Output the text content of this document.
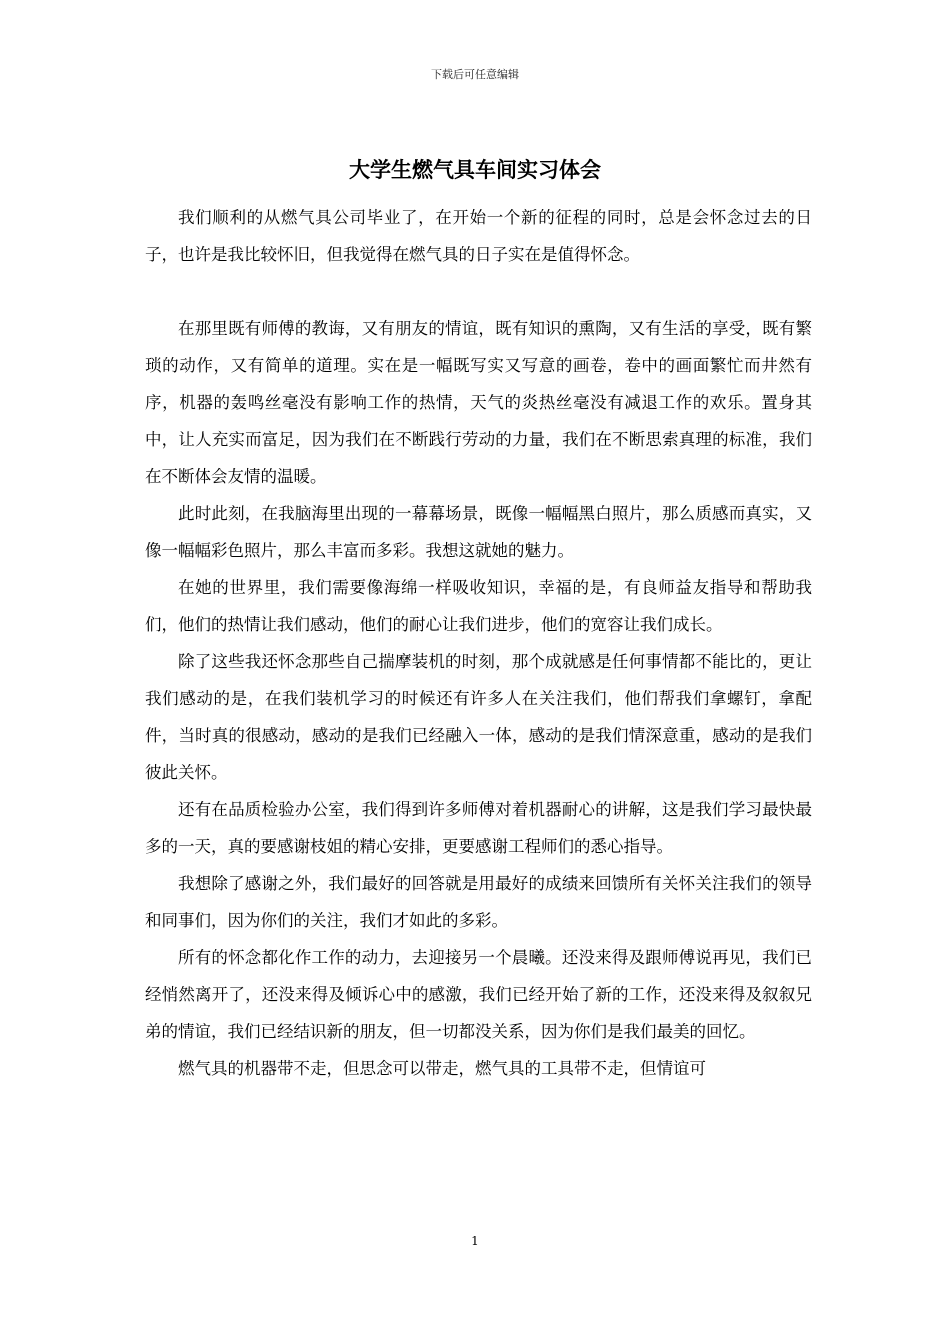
下载后可任意编辑
大学生燃气具车间实习体会

我们顺利的从燃气具公司毕业了，在开始一个新的征程的同时，总是会怀念过去的日子，也许是我比较怀旧，但我觉得在燃气具的日子实在是值得怀念。

在那里既有师傅的教诲，又有朋友的情谊，既有知识的熏陶，又有生活的享受，既有繁琐的动作，又有简单的道理。实在是一幅既写实又写意的画卷，卷中的画面繁忙而井然有序，机器的轰鸣丝毫没有影响工作的热情，天气的炎热丝毫没有减退工作的欢乐。置身其中，让人充实而富足，因为我们在不断践行劳动的力量，我们在不断思索真理的标准，我们在不断体会友情的温暖。

此时此刻，在我脑海里出现的一幕幕场景，既像一幅幅黑白照片，那么质感而真实，又像一幅幅彩色照片，那么丰富而多彩。我想这就她的魅力。

在她的世界里，我们需要像海绵一样吸收知识，幸福的是，有良师益友指导和帮助我们，他们的热情让我们感动，他们的耐心让我们进步，他们的宽容让我们成长。

除了这些我还怀念那些自己揣摩装机的时刻，那个成就感是任何事情都不能比的，更让我们感动的是，在我们装机学习的时候还有许多人在关注我们，他们帮我们拿螺钉，拿配件，当时真的很感动，感动的是我们已经融入一体，感动的是我们情深意重，感动的是我们彼此关怀。

还有在品质检验办公室，我们得到许多师傅对着机器耐心的讲解，这是我们学习最快最多的一天，真的要感谢枝姐的精心安排，更要感谢工程师们的悉心指导。

我想除了感谢之外，我们最好的回答就是用最好的成绩来回馈所有关怀关注我们的领导和同事们，因为你们的关注，我们才如此的多彩。

所有的怀念都化作工作的动力，去迎接另一个晨曦。还没来得及跟师傅说再见，我们已经悄然离开了，还没来得及倾诉心中的感激，我们已经开始了新的工作，还没来得及叙叙兄弟的情谊，我们已经结识新的朋友，但一切都没关系，因为你们是我们最美的回忆。

燃气具的机器带不走，但思念可以带走，燃气具的工具带不走，但情谊可

1
